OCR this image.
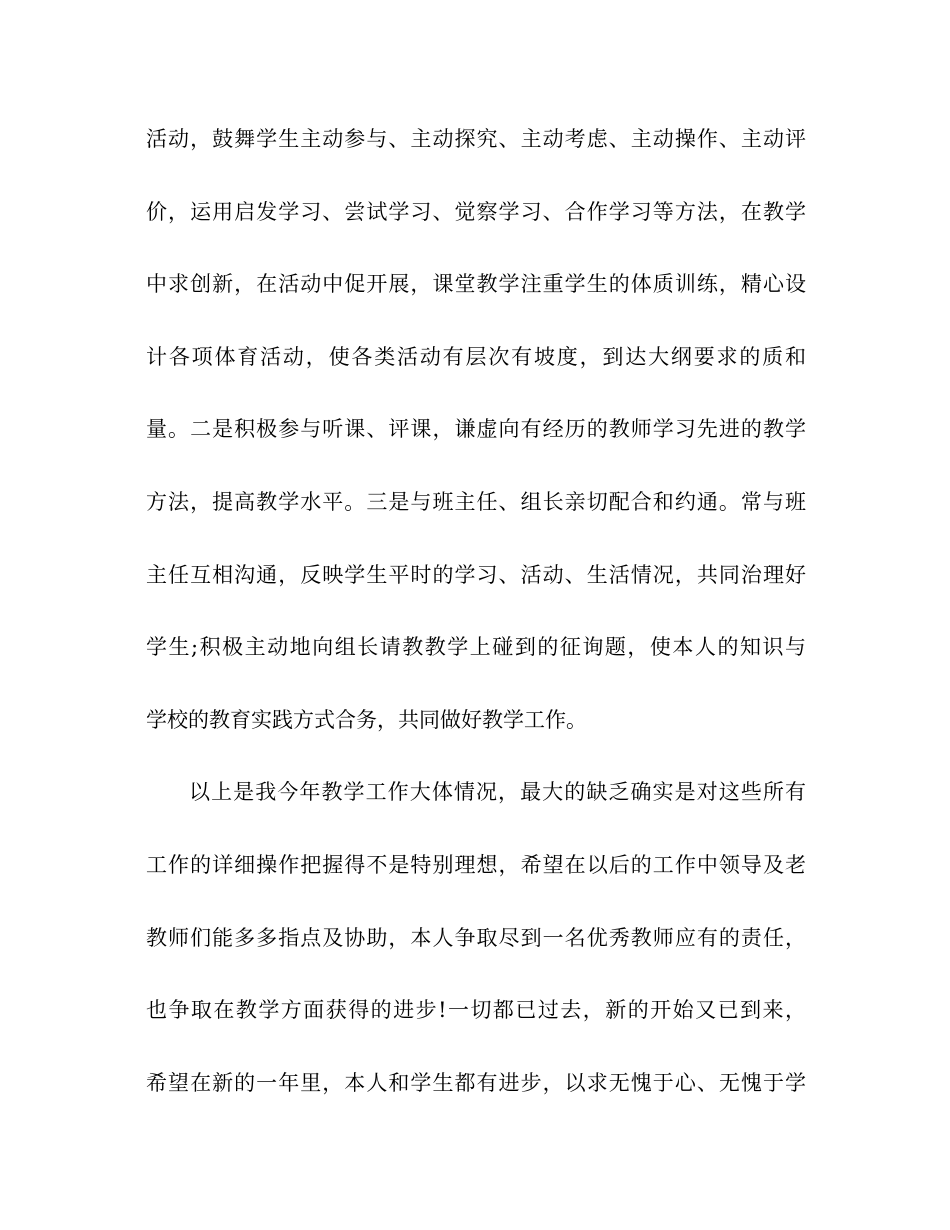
活动，鼓舞学生主动参与、主动探究、主动考虑、主动操作、主动评
价，运用启发学习、尝试学习、觉察学习、合作学习等方法，在教学
中求创新，在活动中促开展，课堂教学注重学生的体质训练，精心设
计各项体育活动，使各类活动有层次有坡度，到达大纲要求的质和
量。二是积极参与听课、评课，谦虚向有经历的教师学习先进的教学
方法，提高教学水平。三是与班主任、组长亲切配合和约通。常与班
主任互相沟通，反映学生平时的学习、活动、生活情况，共同治理好
学生;积极主动地向组长请教教学上碰到的征询题，使本人的知识与
学校的教育实践方式合务，共同做好教学工作。
以上是我今年教学工作大体情况，最大的缺乏确实是对这些所有
工作的详细操作把握得不是特别理想，希望在以后的工作中领导及老
教师们能多多指点及协助，本人争取尽到一名优秀教师应有的责任，
也争取在教学方面获得的进步!一切都已过去，新的开始又已到来，
希望在新的一年里，本人和学生都有进步，以求无愧于心、无愧于学
